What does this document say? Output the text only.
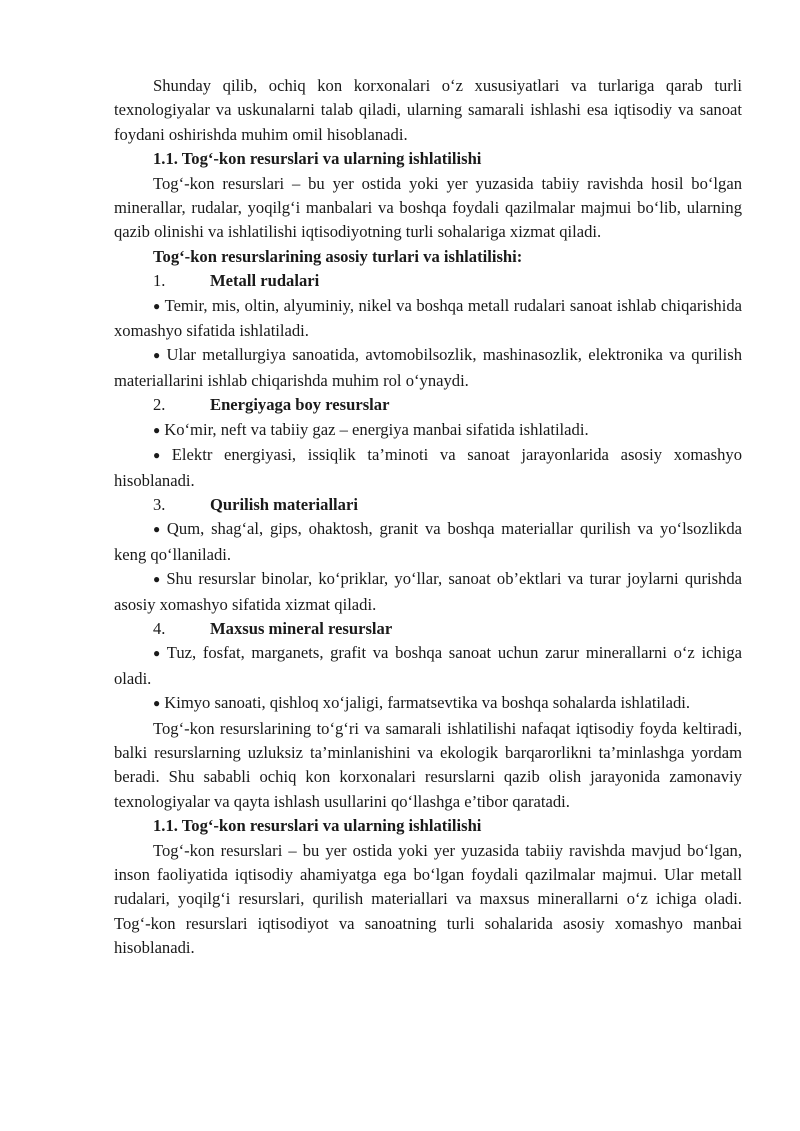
Shunday qilib, ochiq kon korxonalari o‘z xususiyatlari va turlariga qarab turli texnologiyalar va uskunalarni talab qiladi, ularning samarali ishlashi esa iqtisodiy va sanoat foydani oshirishda muhim omil hisoblanadi.

1.1. Tog‘-kon resurslari va ularning ishlatilishi

Tog‘-kon resurslari – bu yer ostida yoki yer yuzasida tabiiy ravishda hosil bo‘lgan minerallar, rudalar, yoqilg‘i manbalari va boshqa foydali qazilmalar majmui bo‘lib, ularning qazib olinishi va ishlatilishi iqtisodiyotning turli sohalariga xizmat qiladi.

Tog‘-kon resurslarining asosiy turlari va ishlatilishi:

1.	Metall rudalari

● Temir, mis, oltin, alyuminiy, nikel va boshqa metall rudalari sanoat ishlab chiqarishida xomashyo sifatida ishlatiladi.

● Ular metallurgiya sanoatida, avtomobilsozlik, mashinasozlik, elektronika va qurilish materiallarini ishlab chiqarishda muhim rol o‘ynaydi.

2.	Energiyaga boy resurslar

● Ko‘mir, neft va tabiiy gaz – energiya manbai sifatida ishlatiladi.

● Elektr energiyasi, issiqlik ta’minoti va sanoat jarayonlarida asosiy xomashyo hisoblanadi.

3.	Qurilish materiallari

● Qum, shag‘al, gips, ohaktosh, granit va boshqa materiallar qurilish va yo‘lsozlikda keng qo‘llaniladi.

● Shu resurslar binolar, ko‘priklar, yo‘llar, sanoat ob’ektlari va turar joylarni qurishda asosiy xomashyo sifatida xizmat qiladi.

4.	Maxsus mineral resurslar

● Tuz, fosfat, marganets, grafit va boshqa sanoat uchun zarur minerallarni o‘z ichiga oladi.

● Kimyo sanoati, qishloq xo‘jaligi, farmatsevtika va boshqa sohalarda ishlatiladi.

Tog‘-kon resurslarining to‘g‘ri va samarali ishlatilishi nafaqat iqtisodiy foyda keltiradi, balki resurslarning uzluksiz ta’minlanishini va ekologik barqarorlikni ta’minlashga yordam beradi. Shu sababli ochiq kon korxonalari resurslarni qazib olish jarayonida zamonaviy texnologiyalar va qayta ishlash usullarini qo‘llashga e’tibor qaratadi.

1.1. Tog‘-kon resurslari va ularning ishlatilishi

Tog‘-kon resurslari – bu yer ostida yoki yer yuzasida tabiiy ravishda mavjud bo‘lgan, inson faoliyatida iqtisodiy ahamiyatga ega bo‘lgan foydali qazilmalar majmui. Ular metall rudalari, yoqilg‘i resurslari, qurilish materiallari va maxsus minerallarni o‘z ichiga oladi. Tog‘-kon resurslari iqtisodiyot va sanoatning turli sohalarida asosiy xomashyo manbai hisoblanadi.
